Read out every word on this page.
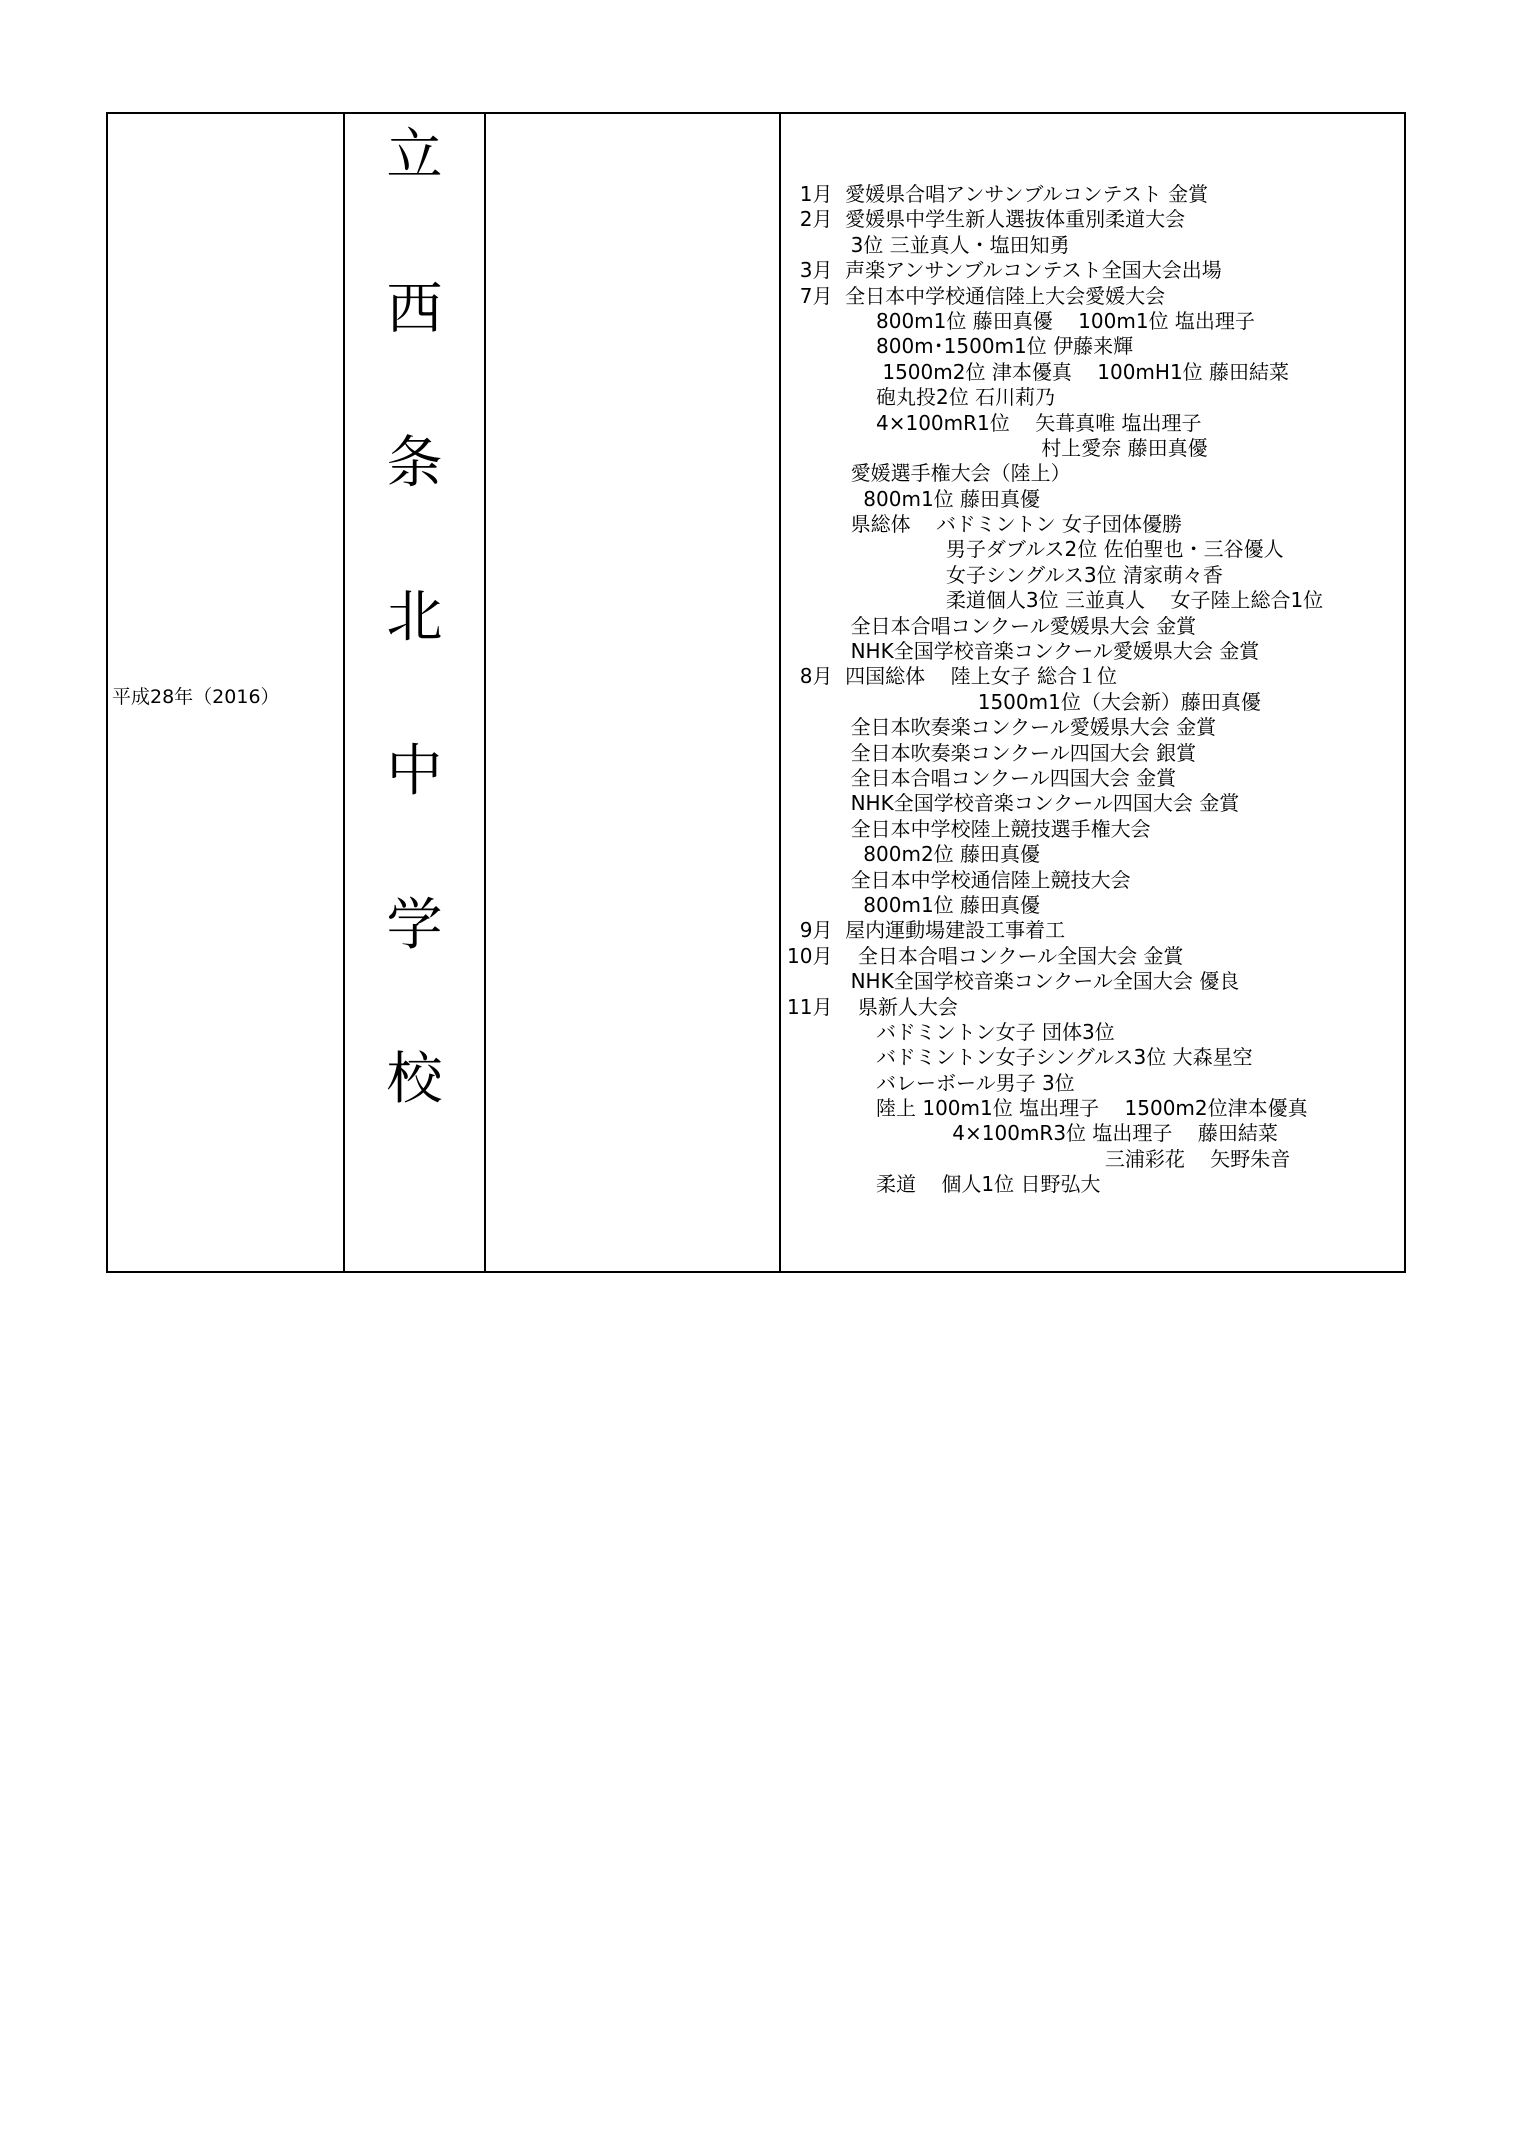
平成28年（2016）
立
西
条
北
中
学
校
1月  愛媛県合唱アンサンブルコンテスト 金賞
2月  愛媛県中学生新人選抜体重別柔道大会
3位 三並真人・塩田知勇
3月  声楽アンサンブルコンテスト全国大会出場
7月  全日本中学校通信陸上大会愛媛大会
800m1位 藤田真優    100m1位 塩出理子
800m･1500m1位 伊藤来輝
1500m2位 津本優真    100mH1位 藤田結菜
砲丸投2位 石川莉乃
4×100mR1位    矢葺真唯 塩出理子
村上愛奈 藤田真優
愛媛選手権大会（陸上）
800m1位 藤田真優
県総体    バドミントン 女子団体優勝
男子ダブルス2位 佐伯聖也・三谷優人
女子シングルス3位 清家萌々香
柔道個人3位 三並真人    女子陸上総合1位
全日本合唱コンクール愛媛県大会 金賞
NHK全国学校音楽コンクール愛媛県大会 金賞
8月  四国総体    陸上女子 総合１位
1500m1位（大会新）藤田真優
全日本吹奏楽コンクール愛媛県大会 金賞
全日本吹奏楽コンクール四国大会 銀賞
全日本合唱コンクール四国大会 金賞
NHK全国学校音楽コンクール四国大会 金賞
全日本中学校陸上競技選手権大会
800m2位 藤田真優
全日本中学校通信陸上競技大会
800m1位 藤田真優
9月  屋内運動場建設工事着工
10月    全日本合唱コンクール全国大会 金賞
NHK全国学校音楽コンクール全国大会 優良
11月    県新人大会
バドミントン女子 団体3位
バドミントン女子シングルス3位 大森星空
バレーボール男子 3位
陸上 100m1位 塩出理子    1500m2位津本優真
4×100mR3位 塩出理子    藤田結菜
三浦彩花    矢野朱音
柔道    個人1位 日野弘大
